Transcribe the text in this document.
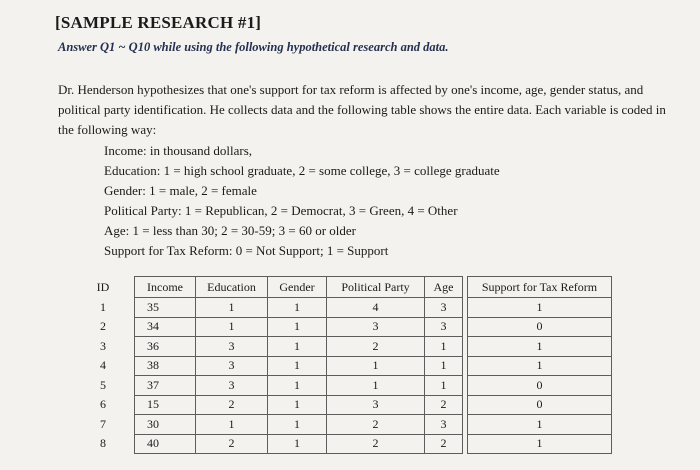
[SAMPLE RESEARCH #1]
Answer Q1 ~ Q10 while using the following hypothetical research and data.
Dr. Henderson hypothesizes that one's support for tax reform is affected by one's income, age, gender status, and political party identification. He collects data and the following table shows the entire data. Each variable is coded in the following way:
Income: in thousand dollars,
Education: 1 = high school graduate, 2 = some college, 3 = college graduate
Gender: 1 = male, 2 = female
Political Party: 1 = Republican, 2 = Democrat, 3 = Green, 4 = Other
Age: 1 = less than 30; 2 = 30-59; 3 = 60 or older
Support for Tax Reform: 0 = Not Support; 1 = Support
ID		Income	Education	Gender	Political Party	Age		Support for Tax Reform
1		35	1	1	4	3		1
2		34	1	1	3	3		0
3		36	3	1	2	1		1
4		38	3	1	1	1		1
5		37	3	1	1	1		0
6		15	2	1	3	2		0
7		30	1	1	2	3		1
8		40	2	1	2	2		1
